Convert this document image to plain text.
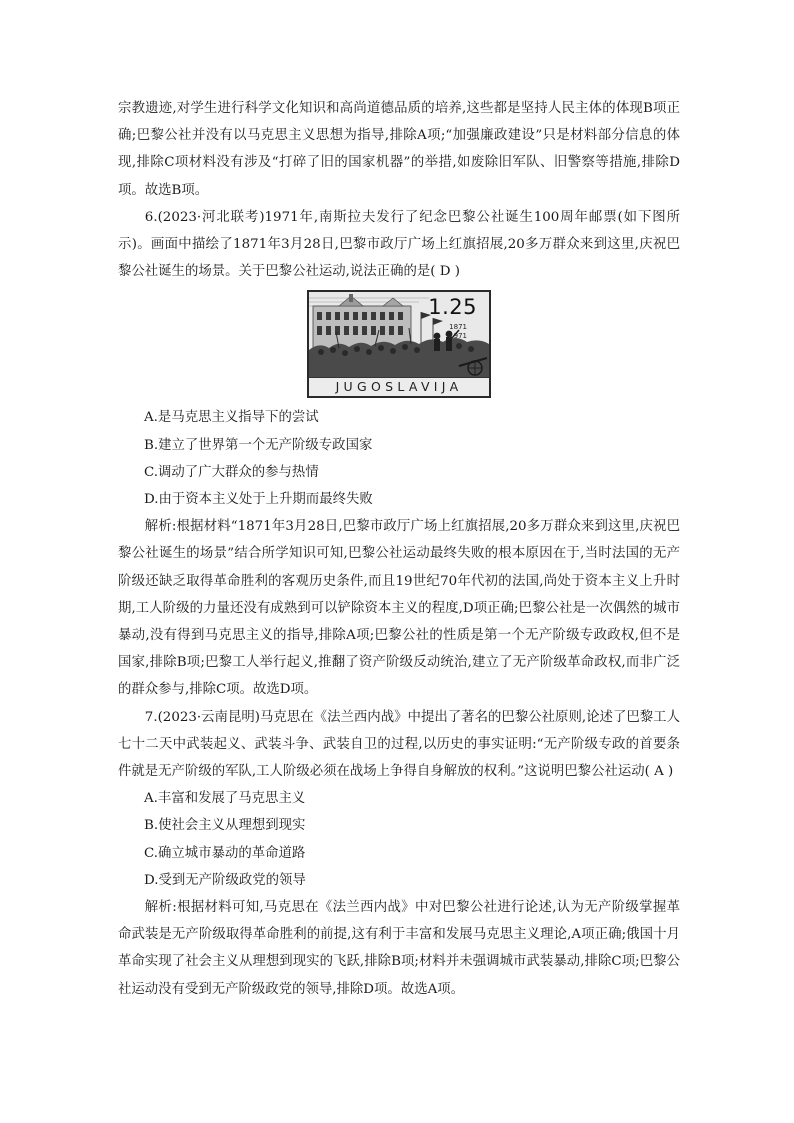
宗教遗迹,对学生进行科学文化知识和高尚道德品质的培养,这些都是坚持人民主体的体现B项正确;巴黎公社并没有以马克思主义思想为指导,排除A项;“加强廉政建设”只是材料部分信息的体现,排除C项材料没有涉及“打碎了旧的国家机器”的举措,如废除旧军队、旧警察等措施,排除D项。故选B项。

6.(2023·河北联考)1971年,南斯拉夫发行了纪念巴黎公社诞生100周年邮票(如下图所示)。画面中描绘了1871年3月28日,巴黎市政厅广场上红旗招展,20多万群众来到这里,庆祝巴黎公社诞生的场景。关于巴黎公社运动,说法正确的是( D )

1.25
1871
1971
JUGOSLAVIJA

A.是马克思主义指导下的尝试

B.建立了世界第一个无产阶级专政国家

C.调动了广大群众的参与热情

D.由于资本主义处于上升期而最终失败

解析:根据材料“1871年3月28日,巴黎市政厅广场上红旗招展,20多万群众来到这里,庆祝巴黎公社诞生的场景”结合所学知识可知,巴黎公社运动最终失败的根本原因在于,当时法国的无产阶级还缺乏取得革命胜利的客观历史条件,而且19世纪70年代初的法国,尚处于资本主义上升时期,工人阶级的力量还没有成熟到可以铲除资本主义的程度,D项正确;巴黎公社是一次偶然的城市暴动,没有得到马克思主义的指导,排除A项;巴黎公社的性质是第一个无产阶级专政政权,但不是国家,排除B项;巴黎工人举行起义,推翻了资产阶级反动统治,建立了无产阶级革命政权,而非广泛的群众参与,排除C项。故选D项。

7.(2023·云南昆明)马克思在《法兰西内战》中提出了著名的巴黎公社原则,论述了巴黎工人七十二天中武装起义、武装斗争、武装自卫的过程,以历史的事实证明:“无产阶级专政的首要条件就是无产阶级的军队,工人阶级必须在战场上争得自身解放的权利。”这说明巴黎公社运动( A )

A.丰富和发展了马克思主义

B.使社会主义从理想到现实

C.确立城市暴动的革命道路

D.受到无产阶级政党的领导

解析:根据材料可知,马克思在《法兰西内战》中对巴黎公社进行论述,认为无产阶级掌握革命武装是无产阶级取得革命胜利的前提,这有利于丰富和发展马克思主义理论,A项正确;俄国十月革命实现了社会主义从理想到现实的飞跃,排除B项;材料并未强调城市武装暴动,排除C项;巴黎公社运动没有受到无产阶级政党的领导,排除D项。故选A项。
